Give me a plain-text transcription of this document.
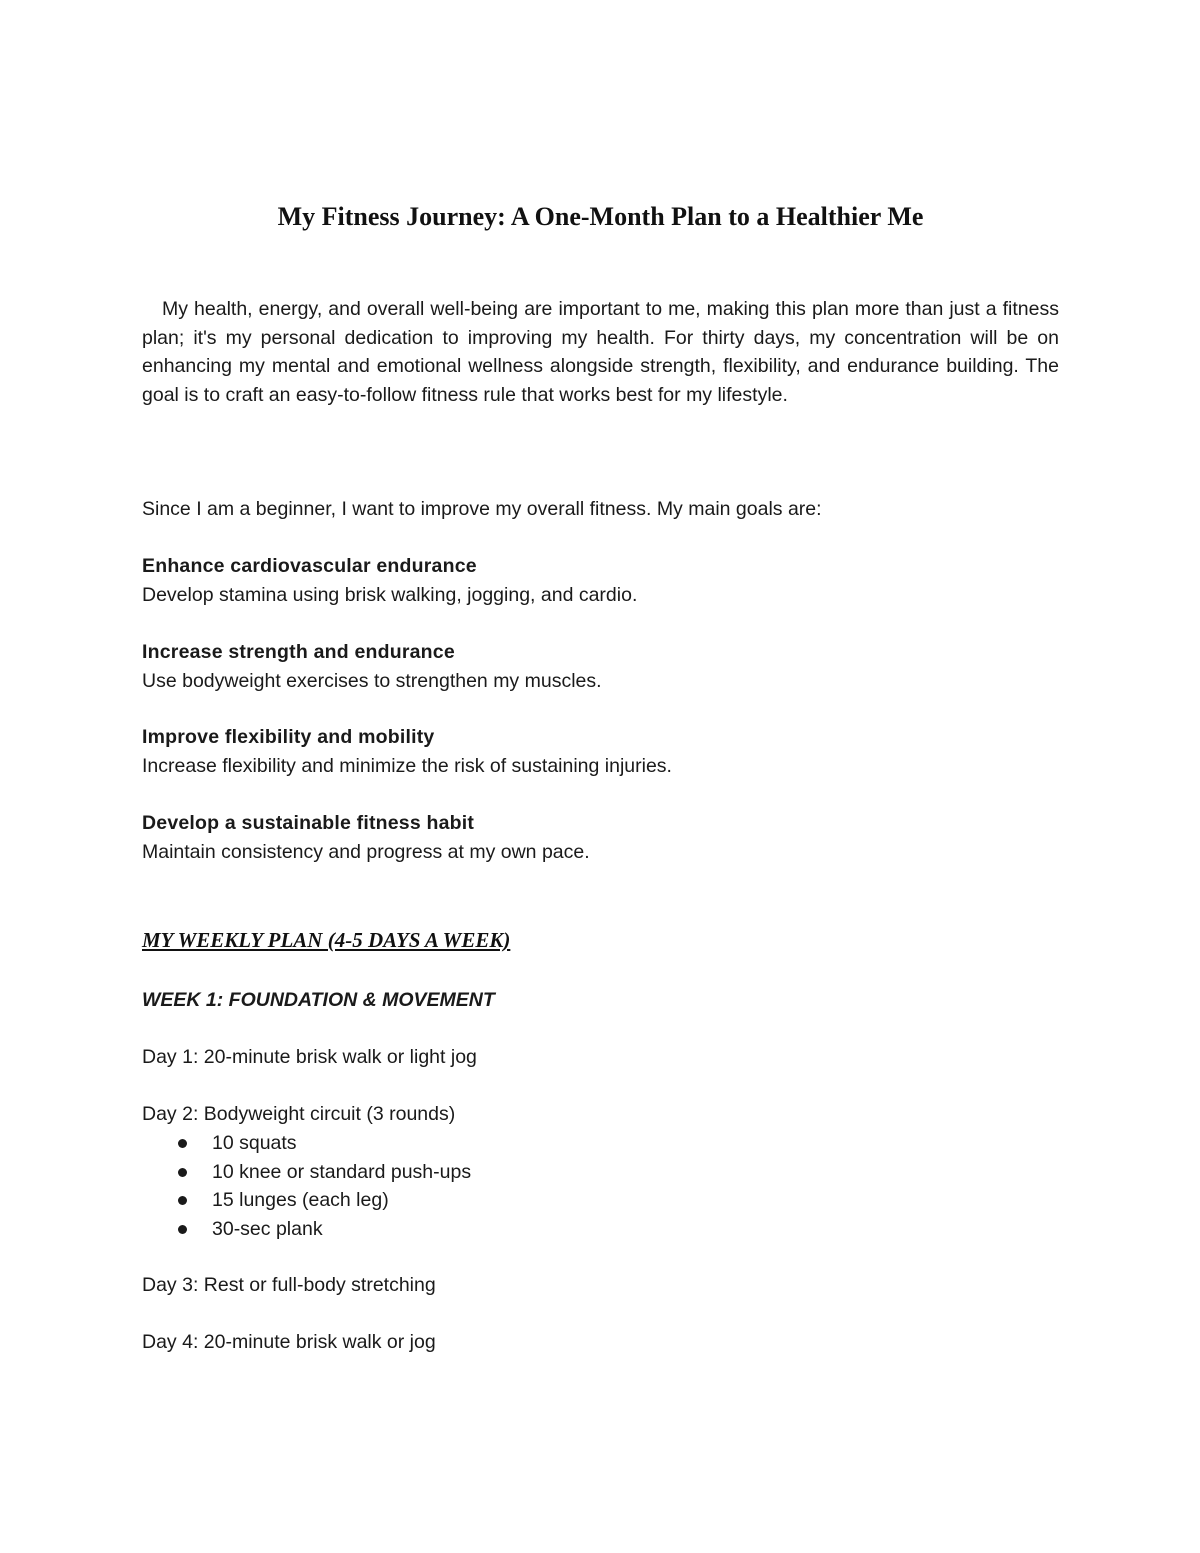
My Fitness Journey: A One-Month Plan to a Healthier Me

My health, energy, and overall well-being are important to me, making this plan more than just a fitness plan; it's my personal dedication to improving my health. For thirty days, my concentration will be on enhancing my mental and emotional wellness alongside strength, flexibility, and endurance building. The goal is to craft an easy-to-follow fitness rule that works best for my lifestyle.

Since I am a beginner, I want to improve my overall fitness. My main goals are:

Enhance cardiovascular endurance

Develop stamina using brisk walking, jogging, and cardio.

Increase strength and endurance

Use bodyweight exercises to strengthen my muscles.

Improve flexibility and mobility

Increase flexibility and minimize the risk of sustaining injuries.

Develop a sustainable fitness habit

Maintain consistency and progress at my own pace.

MY WEEKLY PLAN (4-5 DAYS A WEEK)
WEEK 1: FOUNDATION & MOVEMENT

Day 1: 20-minute brisk walk or light jog

Day 2: Bodyweight circuit (3 rounds)

10 squats
10 knee or standard push-ups
15 lunges (each leg)
30-sec plank

Day 3: Rest or full-body stretching

Day 4: 20-minute brisk walk or jog
